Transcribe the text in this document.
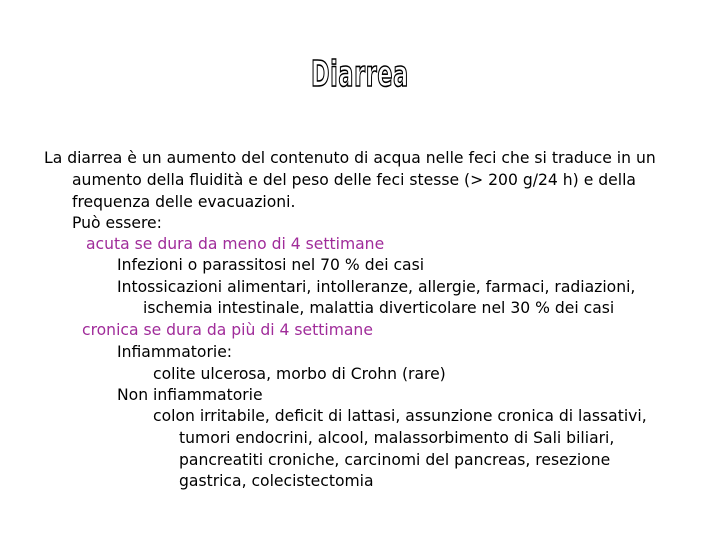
Diarrea
La diarrea è un aumento del contenuto di acqua nelle feci che si traduce in un
aumento della fluidità e del peso delle feci stesse (> 200 g/24 h) e della
frequenza delle evacuazioni.
Può essere:
acuta se dura da meno di 4 settimane
Infezioni o parassitosi nel 70 % dei casi
Intossicazioni alimentari, intolleranze, allergie, farmaci, radiazioni,
ischemia intestinale, malattia diverticolare nel 30 % dei casi
cronica se dura da più di 4 settimane
Infiammatorie:
colite ulcerosa, morbo di Crohn (rare)
Non infiammatorie
colon irritabile, deficit di lattasi, assunzione cronica di lassativi,
tumori endocrini, alcool, malassorbimento di Sali biliari,
pancreatiti croniche, carcinomi del pancreas, resezione
gastrica, colecistectomia
